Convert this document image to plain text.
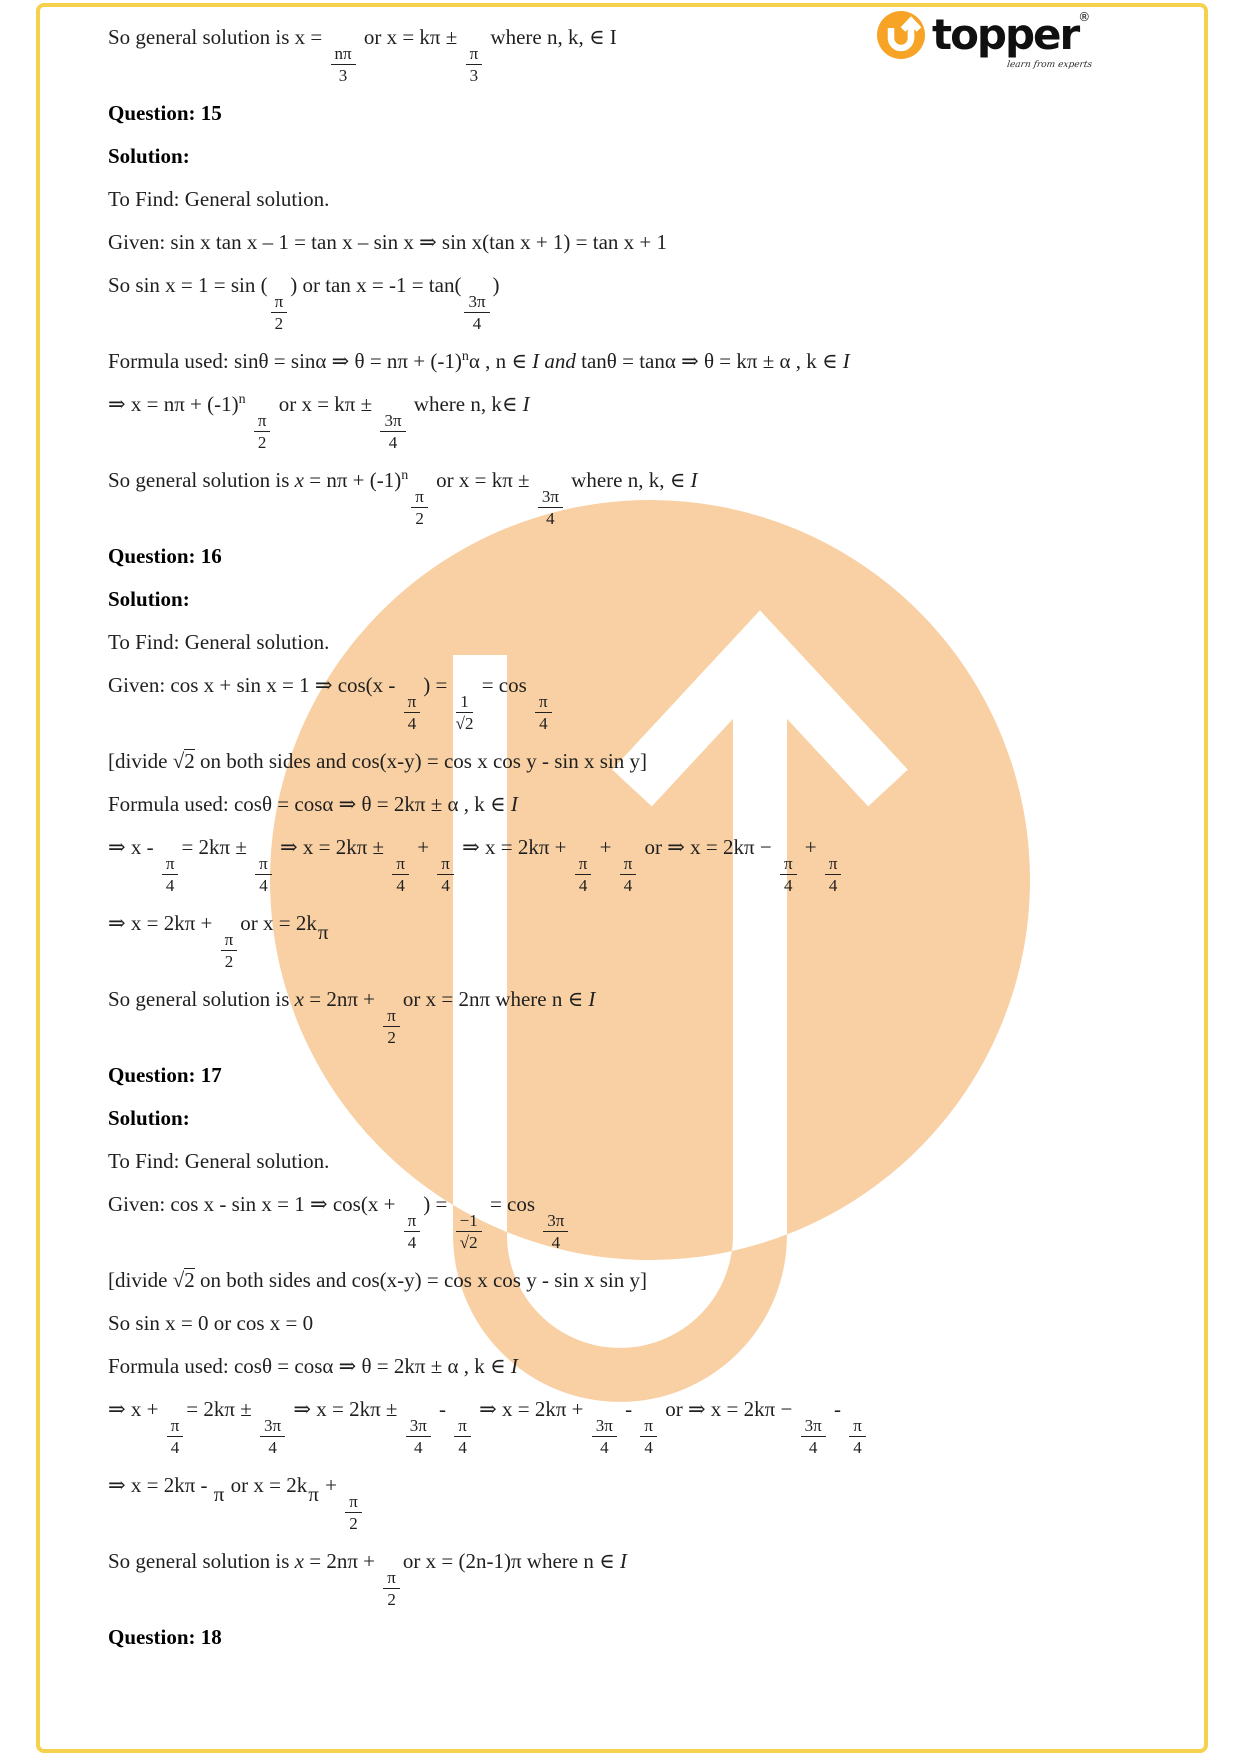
topper®
learn from experts
So general solution is x =
$\frac{n\pi}{3}$
or x = kπ ±
$\frac{\pi}{3}$
where n, k, ∈ I
Question: 15
Solution:
To Find: General solution.
Given: sin x tan x – 1 = tan x – sin x ⇒ sin x(tan x + 1) = tan x + 1
So sin x = 1 = sin (
$\frac{\pi}{2}$
) or tan x = -1 = tan(
$\frac{3\pi}{4}$
)
Formula used: sinθ = sinα ⇒ $\theta = n\pi + (-1)^n\alpha$ , n ∈ I and tanθ = tanα ⇒ θ = kπ ± α , k ∈ I
⇒ $x = n\pi + (-1)^n$
$\frac{\pi}{2}$
or x = kπ ±
$\frac{3\pi}{4}$
where n, k∈ I
So general solution is $x = n\pi + (-1)^n$
$\frac{\pi}{2}$
or x = kπ ±
$\frac{3\pi}{4}$
where n, k, ∈ I
Question: 16
Solution:
To Find: General solution.
Given: cos x + sin x = 1 ⇒ cos(x -
$\frac{\pi}{4}$
) =
$\frac{1}{√2}$
= cos
$\frac{\pi}{4}$
[divide √2 on both sides and cos(x-y) = cos x cos y - sin x sin y]
Formula used: cosθ = cosα ⇒ θ = 2kπ ± α , k ∈ I
⇒ x -
$\frac{\pi}{4}$
= 2kπ ±
$\frac{\pi}{4}$
⇒ x = 2kπ ±
$\frac{\pi}{4}$
+
$\frac{\pi}{4}$
⇒ x = 2kπ +
$\frac{\pi}{4}$
+
$\frac{\pi}{4}$
or ⇒ x = 2kπ −
$\frac{\pi}{4}$
+
$\frac{\pi}{4}$
⇒ x = 2kπ +
$\frac{\pi}{2}$
or x = 2kπ
So general solution is x = 2nπ +
$\frac{\pi}{2}$
or x = 2nπ where n ∈ I
Question: 17
Solution:
To Find: General solution.
Given: cos x - sin x = 1 ⇒ cos(x +
$\frac{\pi}{4}$
) =
$\frac{-1}{√2}$
= cos
$\frac{3\pi}{4}$
[divide √2 on both sides and cos(x-y) = cos x cos y - sin x sin y]
So sin x = 0 or cos x = 0
Formula used: cosθ = cosα ⇒ θ = 2kπ ± α , k ∈ I
⇒ x +
$\frac{\pi}{4}$
= 2kπ ±
$\frac{3\pi}{4}$
⇒ x = 2kπ ±
$\frac{3\pi}{4}$
-
$\frac{\pi}{4}$
⇒ x = 2kπ +
$\frac{3\pi}{4}$
-
$\frac{\pi}{4}$
or ⇒ x = 2kπ −
$\frac{3\pi}{4}$
-
$\frac{\pi}{4}$
⇒ x = 2kπ - π or x = 2kπ +
$\frac{\pi}{2}$
So general solution is x = 2nπ +
$\frac{\pi}{2}$
or x = (2n-1)π where n ∈ I
Question: 18
